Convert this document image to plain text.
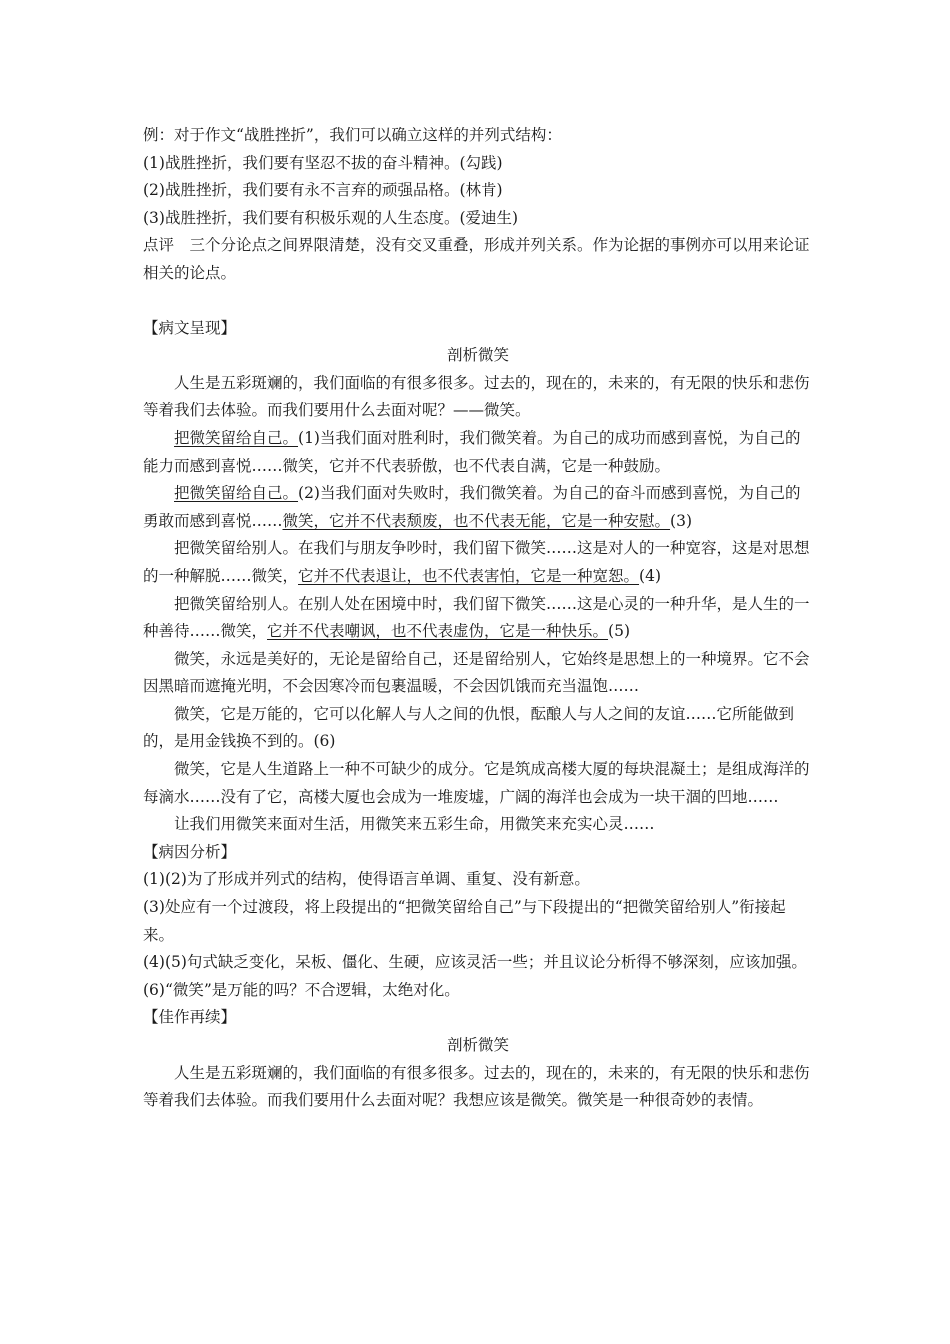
例：对于作文“战胜挫折”，我们可以确立这样的并列式结构：
(1)战胜挫折，我们要有坚忍不拔的奋斗精神。(勾践)
(2)战胜挫折，我们要有永不言弃的顽强品格。(林肯)
(3)战胜挫折，我们要有积极乐观的人生态度。(爱迪生)
点评　三个分论点之间界限清楚，没有交叉重叠，形成并列关系。作为论据的事例亦可以用来论证相关的论点。
【病文呈现】
剖析微笑
人生是五彩斑斓的，我们面临的有很多很多。过去的，现在的，未来的，有无限的快乐和悲伤等着我们去体验。而我们要用什么去面对呢？——微笑。
把微笑留给自己。(1)当我们面对胜利时，我们微笑着。为自己的成功而感到喜悦，为自己的能力而感到喜悦……微笑，它并不代表骄傲，也不代表自满，它是一种鼓励。
把微笑留给自己。(2)当我们面对失败时，我们微笑着。为自己的奋斗而感到喜悦，为自己的勇敢而感到喜悦……微笑，它并不代表颓废，也不代表无能，它是一种安慰。(3)
把微笑留给别人。在我们与朋友争吵时，我们留下微笑……这是对人的一种宽容，这是对思想的一种解脱……微笑，它并不代表退让，也不代表害怕，它是一种宽恕。(4)
把微笑留给别人。在别人处在困境中时，我们留下微笑……这是心灵的一种升华，是人生的一种善待……微笑，它并不代表嘲讽，也不代表虚伪，它是一种快乐。(5)
微笑，永远是美好的，无论是留给自己，还是留给别人，它始终是思想上的一种境界。它不会因黑暗而遮掩光明，不会因寒冷而包裹温暖，不会因饥饿而充当温饱……
微笑，它是万能的，它可以化解人与人之间的仇恨，酝酿人与人之间的友谊……它所能做到的，是用金钱换不到的。(6)
微笑，它是人生道路上一种不可缺少的成分。它是筑成高楼大厦的每块混凝土；是组成海洋的每滴水……没有了它，高楼大厦也会成为一堆废墟，广阔的海洋也会成为一块干涸的凹地……
让我们用微笑来面对生活，用微笑来五彩生命，用微笑来充实心灵……
【病因分析】
(1)(2)为了形成并列式的结构，使得语言单调、重复、没有新意。
(3)处应有一个过渡段，将上段提出的“把微笑留给自己”与下段提出的“把微笑留给别人”衔接起来。
(4)(5)句式缺乏变化，呆板、僵化、生硬，应该灵活一些；并且议论分析得不够深刻，应该加强。
(6)“微笑”是万能的吗？不合逻辑，太绝对化。
【佳作再续】
剖析微笑
人生是五彩斑斓的，我们面临的有很多很多。过去的，现在的，未来的，有无限的快乐和悲伤等着我们去体验。而我们要用什么去面对呢？我想应该是微笑。微笑是一种很奇妙的表情。
